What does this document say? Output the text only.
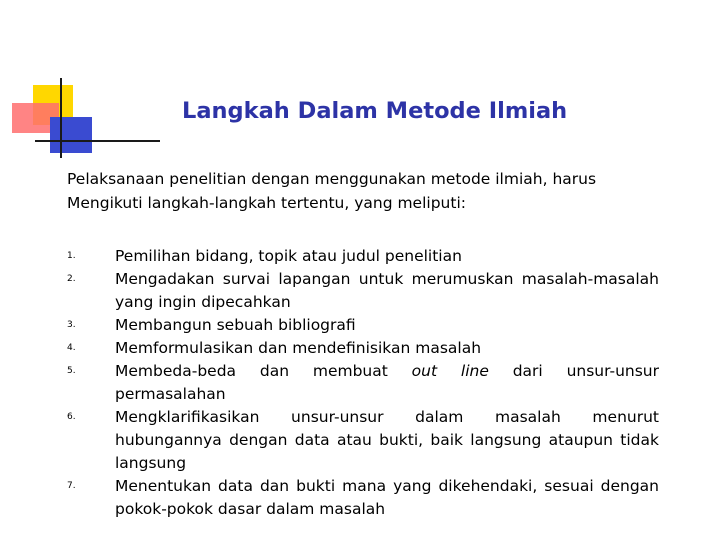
Langkah Dalam Metode Ilmiah
Pelaksanaan penelitian dengan menggunakan metode ilmiah, harus
Mengikuti langkah-langkah tertentu, yang meliputi:
1.	Pemilihan bidang, topik atau judul penelitian
2.	Mengadakan survai lapangan untuk merumuskan masalah-masalah
yang ingin dipecahkan
3.	Membangun sebuah bibliografi
4.	Memformulasikan dan mendefinisikan masalah
5.	Membeda-beda dan membuat out line dari unsur-unsur
permasalahan
6.	Mengklarifikasikan unsur-unsur dalam masalah menurut
hubungannya dengan data atau bukti, baik langsung ataupun tidak
langsung
7.	Menentukan data dan bukti mana yang dikehendaki, sesuai dengan
pokok-pokok dasar dalam masalah
